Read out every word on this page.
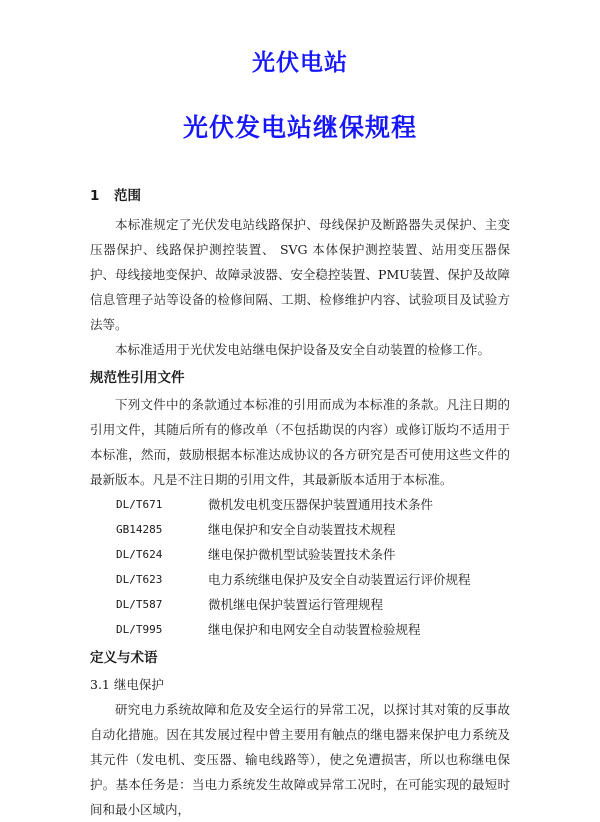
光伏电站
光伏发电站继保规程

1 范围

本标准规定了光伏发电站线路保护、母线保护及断路器失灵保护、主变压器保护、线路保护测控装置、 SVG 本体保护测控装置、站用变压器保护、母线接地变保护、故障录波器、安全稳控装置、PMU装置、保护及故障信息管理子站等设备的检修间隔、工期、检修维护内容、试验项目及试验方法等。

本标准适用于光伏发电站继电保护设备及安全自动装置的检修工作。

规范性引用文件

下列文件中的条款通过本标准的引用而成为本标准的条款。凡注日期的引用文件，其随后所有的修改单（不包括勘误的内容）或修订版均不适用于本标准，然而，鼓励根据本标准达成协议的各方研究是否可使用这些文件的最新版本。凡是不注日期的引用文件，其最新版本适用于本标准。

DL/T671	微机发电机变压器保护装置通用技术条件
GB14285	继电保护和安全自动装置技术规程
DL/T624	继电保护微机型试验装置技术条件
DL/T623	电力系统继电保护及安全自动装置运行评价规程
DL/T587	微机继电保护装置运行管理规程
DL/T995	继电保护和电网安全自动装置检验规程

定义与术语

3.1 继电保护

研究电力系统故障和危及安全运行的异常工况，以探讨其对策的反事故自动化措施。因在其发展过程中曾主要用有触点的继电器来保护电力系统及其元件（发电机、变压器、输电线路等），使之免遭损害，所以也称继电保护。基本任务是：当电力系统发生故障或异常工况时，在可能实现的最短时间和最小区域内，
